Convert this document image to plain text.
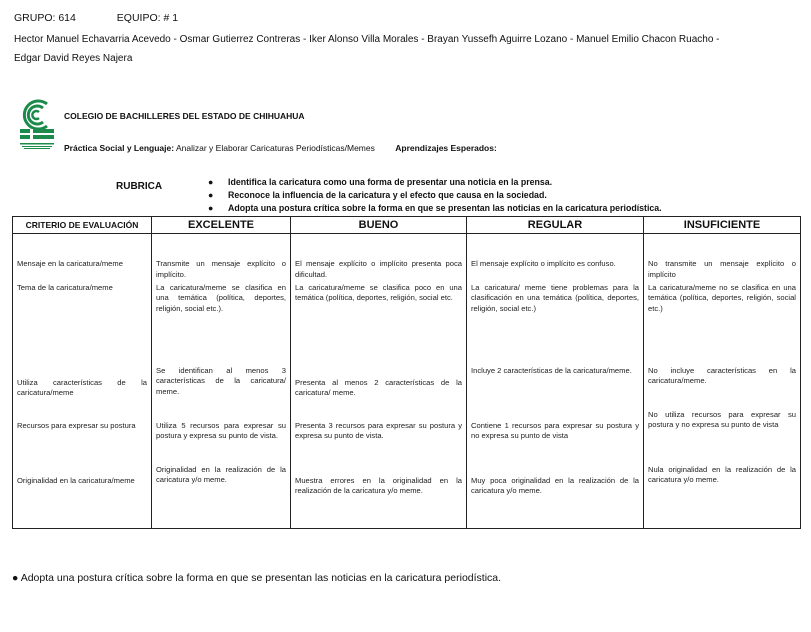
GRUPO: 614	EQUIPO: # 1
Hector Manuel Echavarria Acevedo - Osmar Gutierrez Contreras - Iker Alonso Villa Morales - Brayan Yussefh Aguirre Lozano - Manuel Emilio Chacon Ruacho -
Edgar David Reyes Najera
COLEGIO DE BACHILLERES DEL ESTADO DE CHIHUAHUA
Práctica Social y Lenguaje: Analizar y Elaborar Caricaturas Periodísticas/Memes Aprendizajes Esperados:
RUBRICA	● Identifica la caricatura como una forma de presentar una noticia en la prensa.
● Reconoce la influencia de la caricatura y el efecto que causa en la sociedad.
● Adopta una postura crítica sobre la forma en que se presentan las noticias en la caricatura periodística.
CRITERIO DE EVALUACIÓN	EXCELENTE	BUENO	REGULAR	INSUFICIENTE

Mensaje en la caricatura/meme	Transmite un mensaje explícito o implícito.	El mensaje explícito o implícito presenta poca dificultad.	El mensaje explícito o implícito es confuso.	No transmite un mensaje explícito o implícito

Tema de la caricatura/meme	La caricatura/meme se clasifica en una temática (política, deportes, religión, social etc.).	La caricatura/meme se clasifica poco en una temática (política, deportes, religión, social etc.	La caricatura/ meme tiene problemas para la clasificación en una temática (política, deportes, religión, social etc.)	La caricatura/meme no se clasifica en una temática (política, deportes, religión, social etc.)

Utiliza características de la caricatura/meme	Se identifican al menos 3 características de la caricatura/ meme.	Presenta al menos 2 características de la caricatura/ meme.	Incluye 2 características de la caricatura/meme.	No incluye características en la caricatura/meme.

Recursos para expresar su postura	Utiliza 5 recursos para expresar su postura y expresa su punto de vista.	Presenta 3 recursos para expresar su postura y expresa su punto de vista.	Contiene 1 recursos para expresar su postura y no expresa su punto de vista	No utiliza recursos para expresar su postura y no expresa su punto de vista

Originalidad en la caricatura/meme	Originalidad en la realización de la caricatura y/o meme.	Muestra errores en la originalidad en la realización de la caricatura y/o meme.	Muy poca originalidad en la realización de la caricatura y/o meme.	Nula originalidad en la realización de la caricatura y/o meme.
● Adopta una postura crítica sobre la forma en que se presentan las noticias en la caricatura periodística.
